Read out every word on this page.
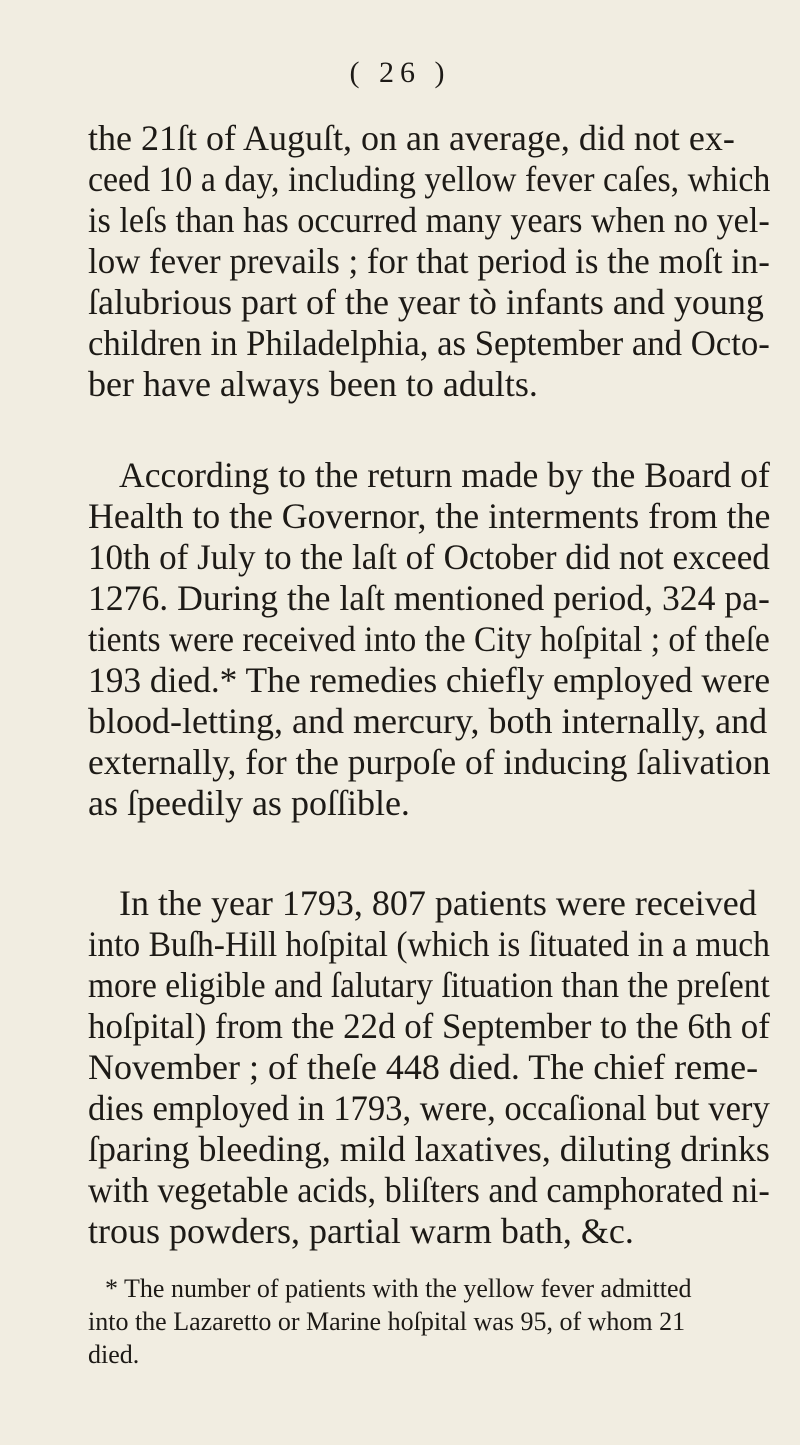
( 26 )
the 21ſt of Auguſt, on an average, did not ex-
ceed 10 a day, including yellow fever caſes, which
is leſs than has occurred many years when no yel-
low fever prevails ; for that period is the moſt in-
ſalubrious part of the year tò infants and young
children in Philadelphia, as September and Octo-
ber have always been to adults.
According to the return made by the Board of
Health to the Governor, the interments from the
10th of July to the laſt of October did not exceed
1276. During the laſt mentioned period, 324 pa-
tients were received into the City hoſpital ; of theſe
193 died.* The remedies chiefly employed were
blood-letting, and mercury, both internally, and
externally, for the purpoſe of inducing ſalivation
as ſpeedily as poſſible.
In the year 1793, 807 patients were received
into Buſh-Hill hoſpital (which is ſituated in a much
more eligible and ſalutary ſituation than the preſent
hoſpital) from the 22d of September to the 6th of
November ; of theſe 448 died. The chief reme-
dies employed in 1793, were, occaſional but very
ſparing bleeding, mild laxatives, diluting drinks
with vegetable acids, bliſters and camphorated ni-
trous powders, partial warm bath, &c.
* The number of patients with the yellow fever admitted
into the Lazaretto or Marine hoſpital was 95, of whom 21
died.
